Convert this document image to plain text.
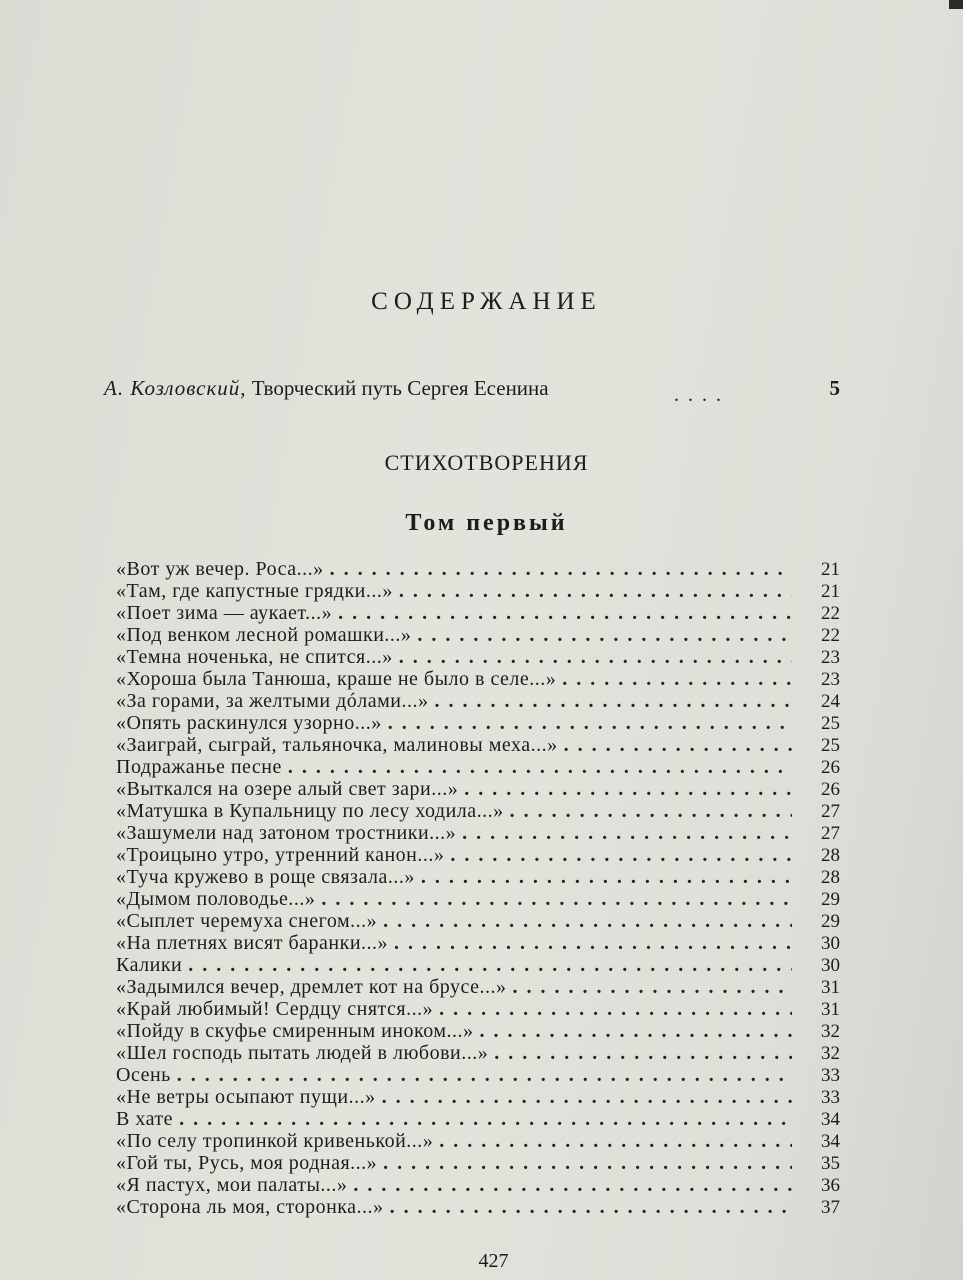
СОДЕРЖАНИЕ
А. Козловский, Творческий путь Сергея Есенина	....	5
СТИХОТВОРЕНИЯ
Том первый
«Вот уж вечер. Роса...» . . .	21
«Там, где капустные грядки...» . . .	21
«Поет зима — аукает...» . . .	22
«Под венком лесной ромашки...» . . .	22
«Темна ноченька, не спится...» . . .	23
«Хороша была Танюша, краше не было в селе...» . . .	23
«За горами, за желтыми дóлами...» . . .	24
«Опять раскинулся узорно...» . . .	25
«Заиграй, сыграй, тальяночка, малиновы меха...» . . .	25
Подражанье песне . . .	26
«Выткался на озере алый свет зари...» . . .	26
«Матушка в Купальницу по лесу ходила...» . . .	27
«Зашумели над затоном тростники...» . . .	27
«Троицыно утро, утренний канон...» . . .	28
«Туча кружево в роще связала...» . . .	28
«Дымом половодье...» . . .	29
«Сыплет черемуха снегом...» . . .	29
«На плетнях висят баранки...» . . .	30
Калики . . .	30
«Задымился вечер, дремлет кот на брусе...» . . .	31
«Край любимый! Сердцу снятся...» . . .	31
«Пойду в скуфье смиренным иноком...» . . .	32
«Шел господь пытать людей в любови...» . . .	32
Осень . . .	33
«Не ветры осыпают пущи...» . . .	33
В хате . . .	34
«По селу тропинкой кривенькой...» . . .	34
«Гой ты, Русь, моя родная...» . . .	35
«Я пастух, мои палаты...» . . .	36
«Сторона ль моя, сторонка...» . . .	37
427
